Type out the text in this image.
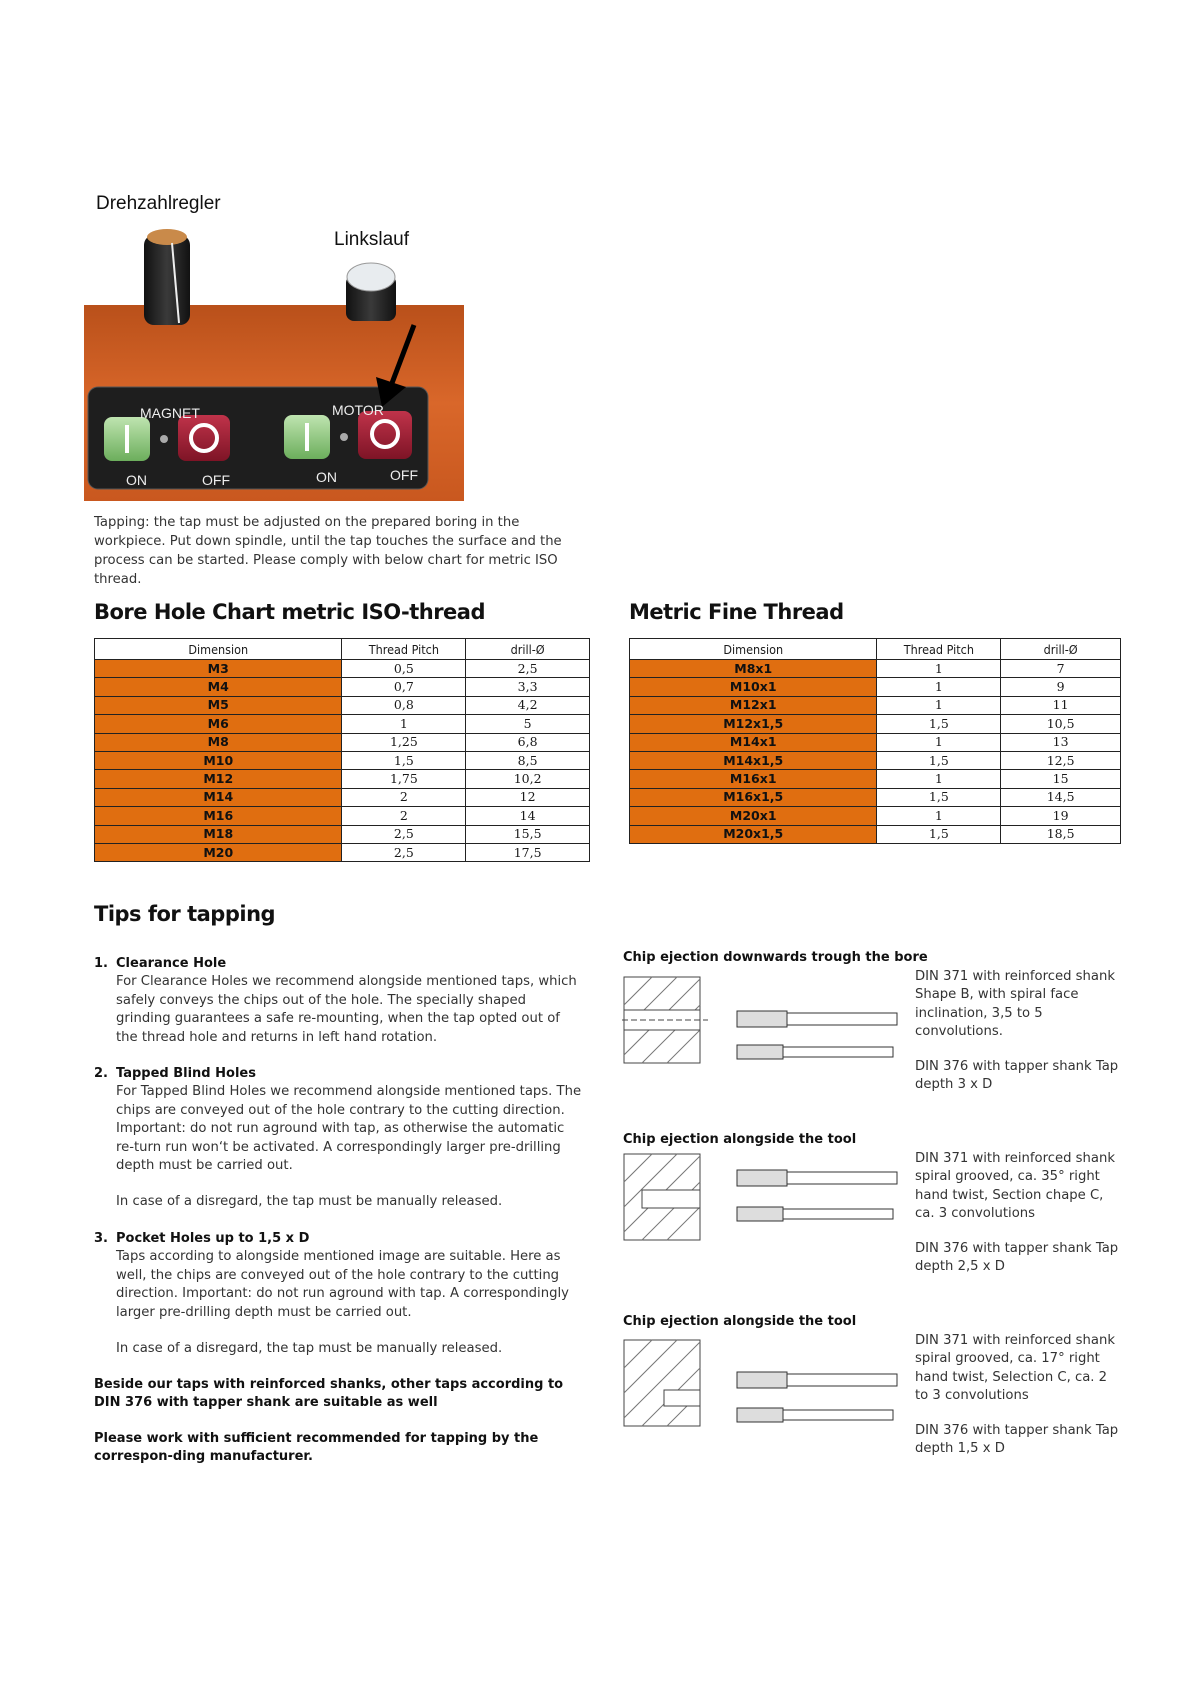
Drehzahlregler
Linkslauf
MAGNET	MOTOR
ON	OFF	ON	OFF
Tapping: the tap must be adjusted on the prepared boring in the workpiece. Put down spindle, until the tap touches the surface and the process can be started. Please comply with below chart for metric ISO thread.
Bore Hole Chart metric ISO-thread
Dimension	Thread Pitch	drill-Ø
M3	0,5	2,5
M4	0,7	3,3
M5	0,8	4,2
M6	1	5
M8	1,25	6,8
M10	1,5	8,5
M12	1,75	10,2
M14	2	12
M16	2	14
M18	2,5	15,5
M20	2,5	17,5
Metric Fine Thread
Dimension	Thread Pitch	drill-Ø
M8x1	1	7
M10x1	1	9
M12x1	1	11
M12x1,5	1,5	10,5
M14x1	1	13
M14x1,5	1,5	12,5
M16x1	1	15
M16x1,5	1,5	14,5
M20x1	1	19
M20x1,5	1,5	18,5
Tips for tapping
1. Clearance Hole
For Clearance Holes we recommend alongside mentioned taps, which safely conveys the chips out of the hole. The specially shaped grinding guarantees a safe re-mounting, when the tap opted out of the thread hole and returns in left hand rotation.
2. Tapped Blind Holes
For Tapped Blind Holes we recommend alongside mentioned taps. The chips are conveyed out of the hole contrary to the cutting direction. Important: do not run aground with tap, as otherwise the automatic re-turn run won‘t be activated. A correspondingly larger pre-drilling depth must be carried out.
In case of a disregard, the tap must be manually released.
3. Pocket Holes up to 1,5 x D
Taps according to alongside mentioned image are suitable. Here as well, the chips are conveyed out of the hole contrary to the cutting direction. Important: do not run aground with tap. A correspondingly larger pre-drilling depth must be carried out.
In case of a disregard, the tap must be manually released.
Beside our taps with reinforced shanks, other taps according to DIN 376 with tapper shank are suitable as well
Please work with sufficient recommended for tapping by the correspon-ding manufacturer.
Chip ejection downwards trough the bore
DIN 371 with reinforced shank Shape B, with spiral face inclination, 3,5 to 5 convolutions.
DIN 376 with tapper shank Tap depth 3 x D
Chip ejection alongside the tool
DIN 371 with reinforced shank spiral grooved, ca. 35° right hand twist, Section chape C, ca. 3 convolutions
DIN 376 with tapper shank Tap depth 2,5 x D
Chip ejection alongside the tool
DIN 371 with reinforced shank spiral grooved, ca. 17° right hand twist, Selection C, ca. 2 to 3 convolutions
DIN 376 with tapper shank Tap depth 1,5 x D
